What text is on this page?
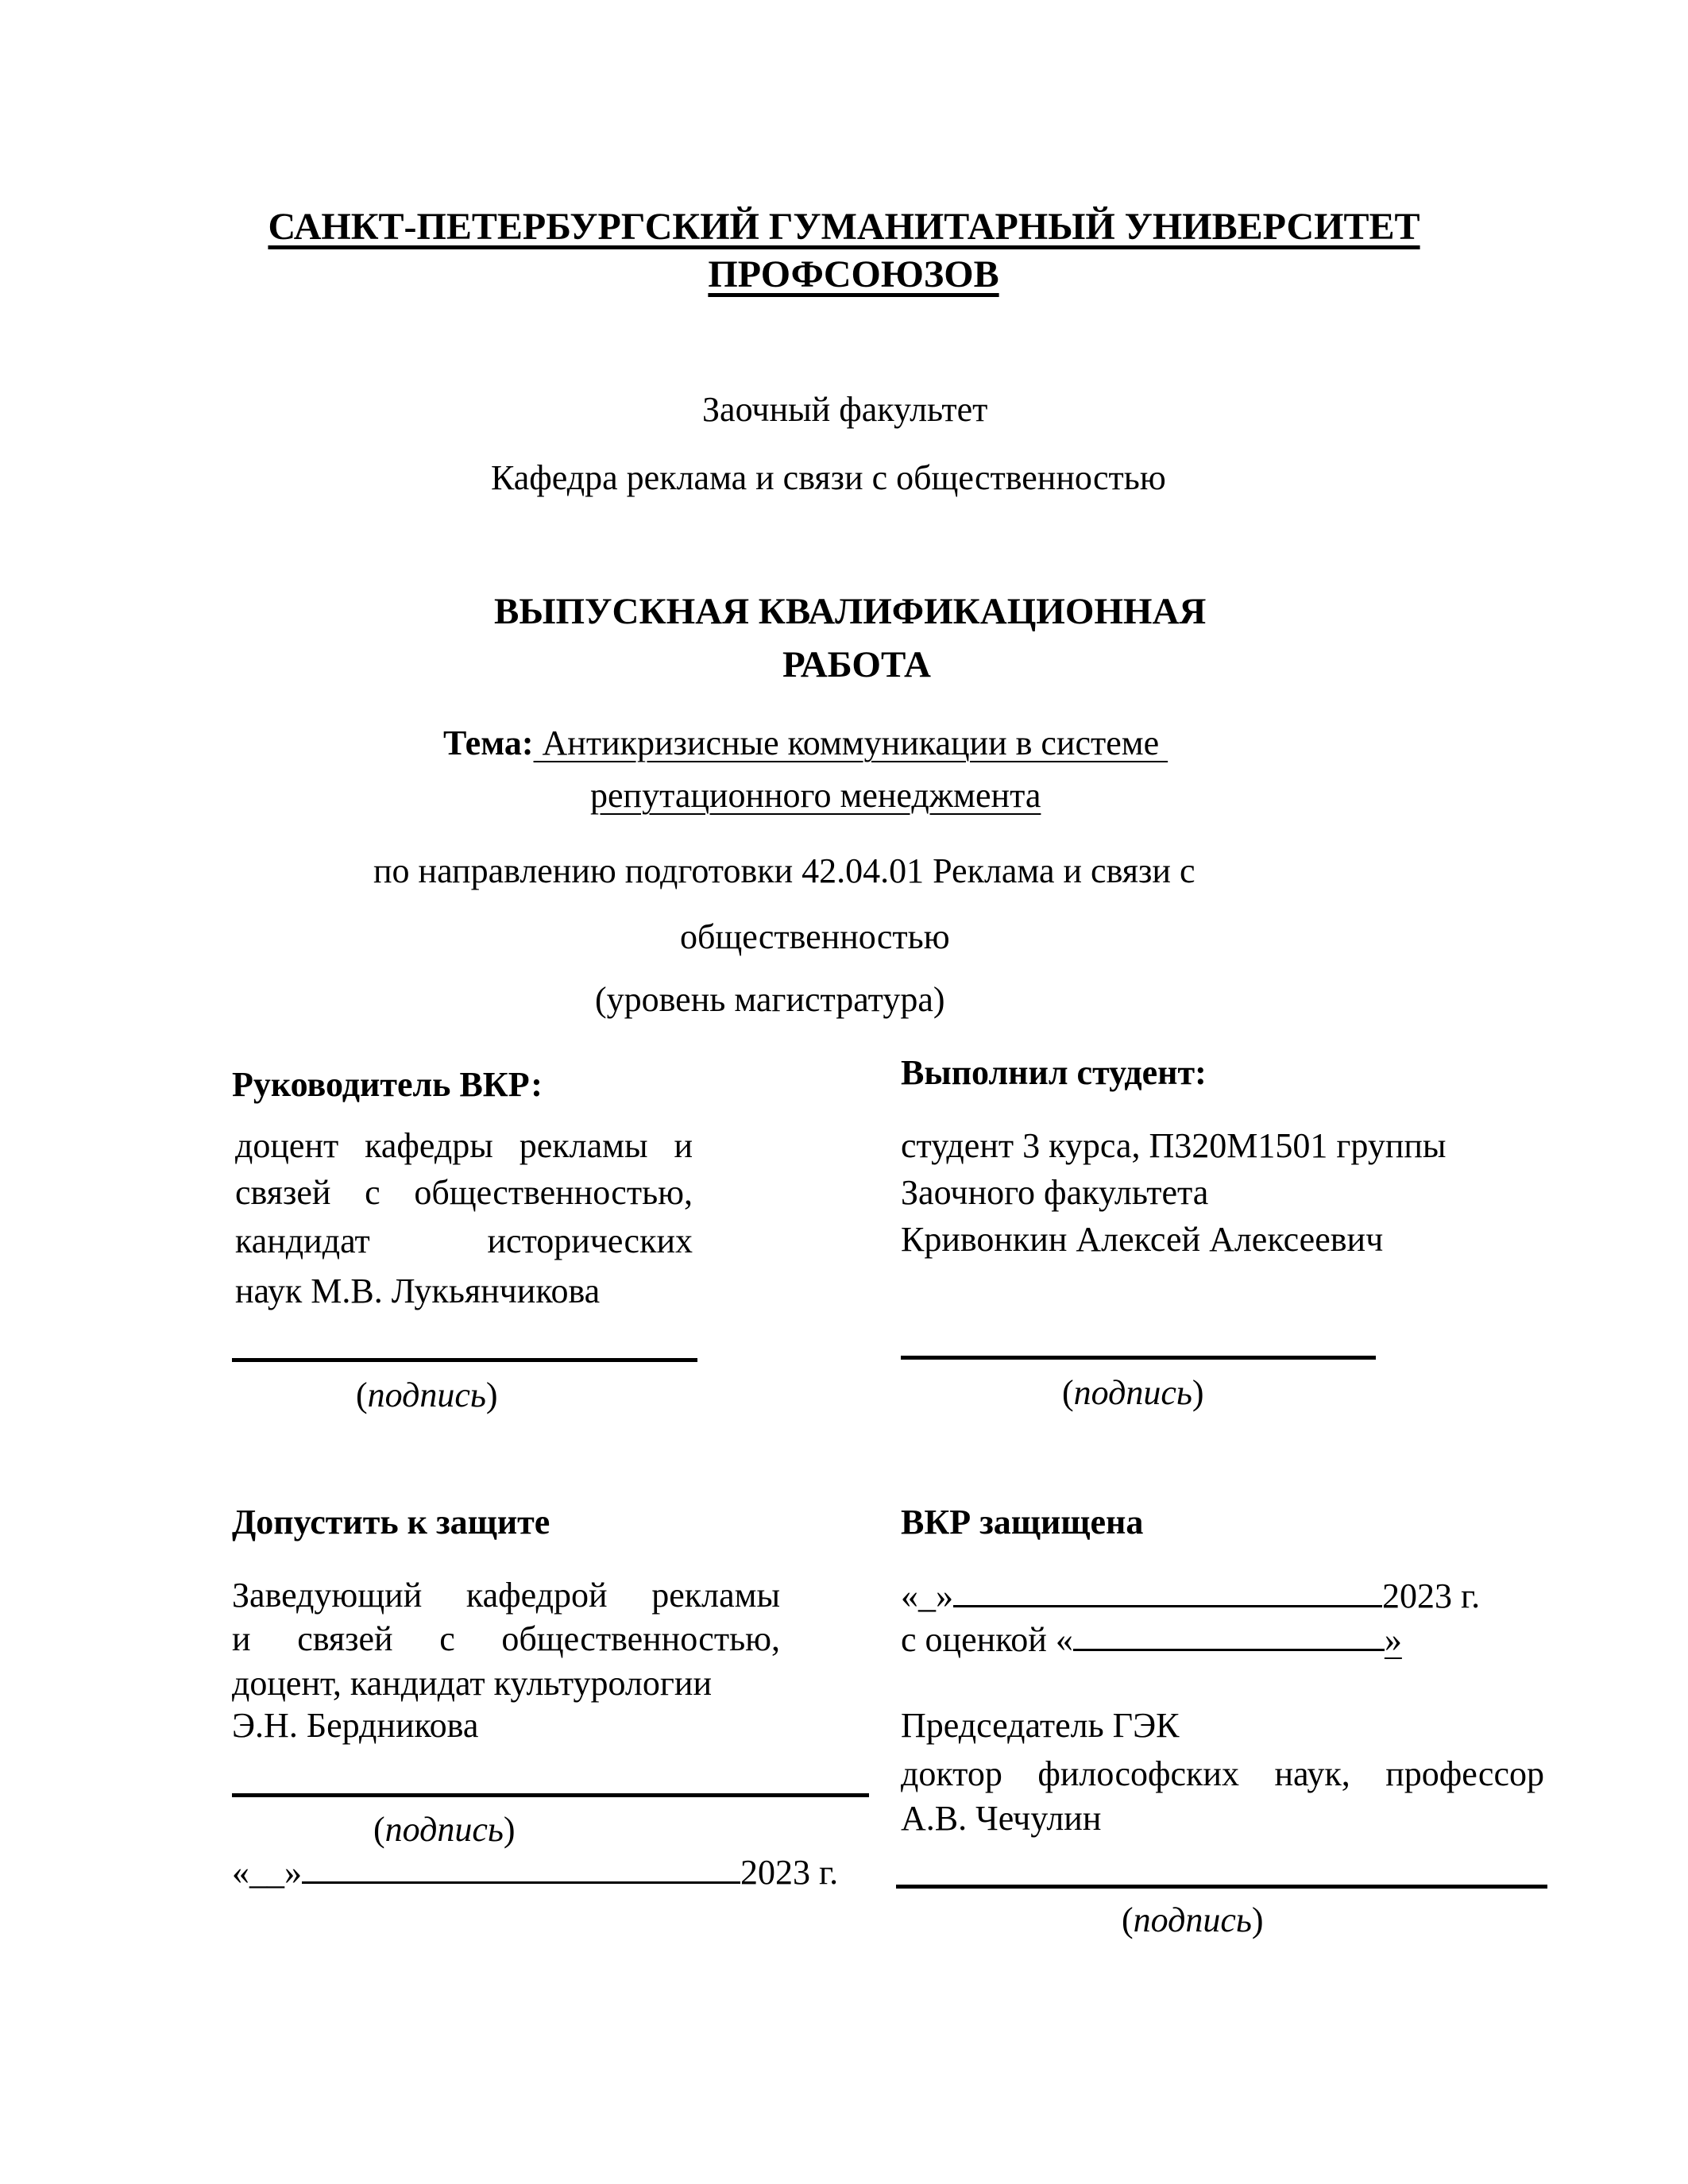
САНКТ-ПЕТЕРБУРГСКИЙ ГУМАНИТАРНЫЙ УНИВЕРСИТЕТ
ПРОФСОЮЗОВ
Заочный факультет
Кафедра реклама и связи с общественностью
ВЫПУСКНАЯ КВАЛИФИКАЦИОННАЯ
РАБОТА
Тема: Антикризисные коммуникации в системе
репутационного менеджмента
по направлению подготовки 42.04.01 Реклама и связи с
общественностью
(уровень магистратура)
Руководитель ВКР:
доцент кафедры рекламы и
связей с общественностью,
кандидат исторических
наук М.В. Лукьянчикова
(подпись)
Выполнил студент:
студент 3 курса, П320М1501 группы
Заочного факультета
Кривонкин Алексей Алексеевич
(подпись)
Допустить к защите
Заведующий кафедрой рекламы
и связей с общественностью,
доцент, кандидат культурологии
Э.Н. Бердникова
(подпись)
«__»	2023 г.
ВКР защищена
«_»	2023 г.
с оценкой «	»
Председатель ГЭК
доктор философских наук, профессор
А.В. Чечулин
(подпись)
